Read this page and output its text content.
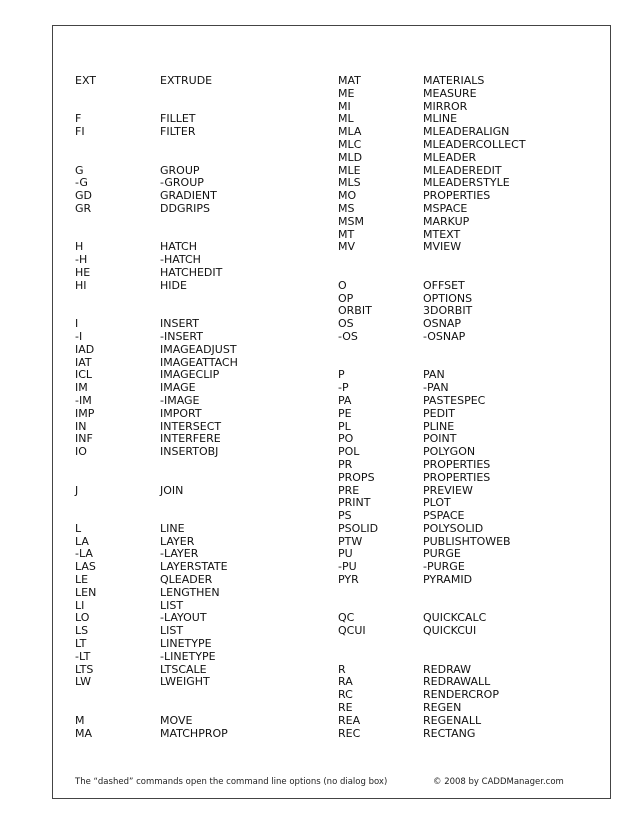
EXT	EXTRUDE
F	FILLET
FI	FILTER
G	GROUP
-G	-GROUP
GD	GRADIENT
GR	DDGRIPS
H	HATCH
-H	-HATCH
HE	HATCHEDIT
HI	HIDE
I	INSERT
-I	-INSERT
IAD	IMAGEADJUST
IAT	IMAGEATTACH
ICL	IMAGECLIP
IM	IMAGE
-IM	-IMAGE
IMP	IMPORT
IN	INTERSECT
INF	INTERFERE
IO	INSERTOBJ
J	JOIN
L	LINE
LA	LAYER
-LA	-LAYER
LAS	LAYERSTATE
LE	QLEADER
LEN	LENGTHEN
LI	LIST
LO	-LAYOUT
LS	LIST
LT	LINETYPE
-LT	-LINETYPE
LTS	LTSCALE
LW	LWEIGHT
M	MOVE
MA	MATCHPROP
MAT	MATERIALS
ME	MEASURE
MI	MIRROR
ML	MLINE
MLA	MLEADERALIGN
MLC	MLEADERCOLLECT
MLD	MLEADER
MLE	MLEADEREDIT
MLS	MLEADERSTYLE
MO	PROPERTIES
MS	MSPACE
MSM	MARKUP
MT	MTEXT
MV	MVIEW
O	OFFSET
OP	OPTIONS
ORBIT	3DORBIT
OS	OSNAP
-OS	-OSNAP
P	PAN
-P	-PAN
PA	PASTESPEC
PE	PEDIT
PL	PLINE
PO	POINT
POL	POLYGON
PR	PROPERTIES
PROPS	PROPERTIES
PRE	PREVIEW
PRINT	PLOT
PS	PSPACE
PSOLID	POLYSOLID
PTW	PUBLISHTOWEB
PU	PURGE
-PU	-PURGE
PYR	PYRAMID
QC	QUICKCALC
QCUI	QUICKCUI
R	REDRAW
RA	REDRAWALL
RC	RENDERCROP
RE	REGEN
REA	REGENALL
REC	RECTANG
The “dashed” commands open the command line options (no dialog box)	© 2008 by CADDManager.com
